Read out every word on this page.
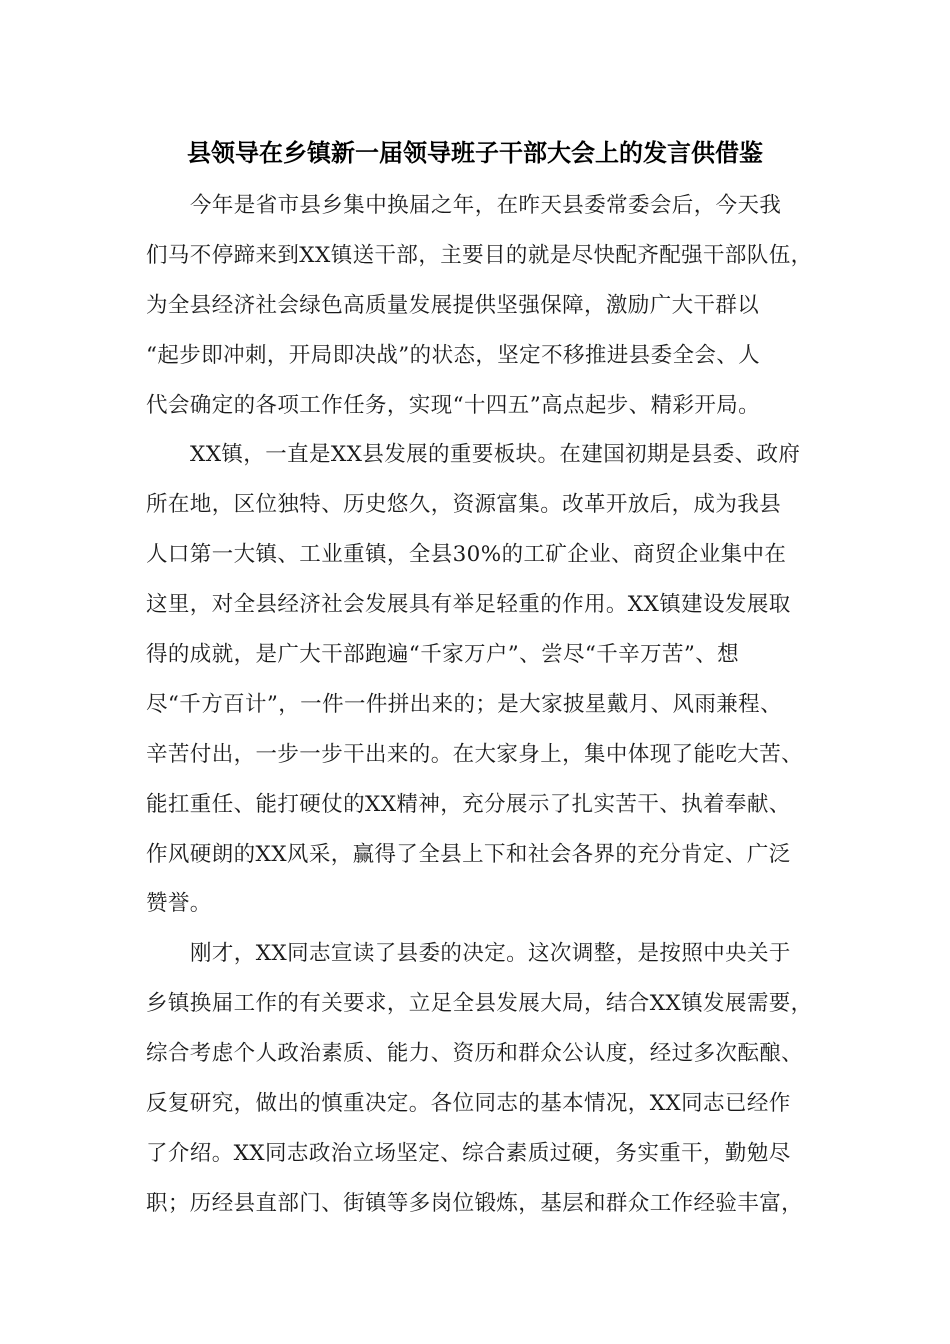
县领导在乡镇新一届领导班子干部大会上的发言供借鉴
今年是省市县乡集中换届之年，在昨天县委常委会后，今天我
们马不停蹄来到XX镇送干部，主要目的就是尽快配齐配强干部队伍，
为全县经济社会绿色高质量发展提供坚强保障，激励广大干群以
“起步即冲刺，开局即决战”的状态，坚定不移推进县委全会、人
代会确定的各项工作任务，实现“十四五”高点起步、精彩开局。
XX镇，一直是XX县发展的重要板块。在建国初期是县委、政府
所在地，区位独特、历史悠久，资源富集。改革开放后，成为我县
人口第一大镇、工业重镇，全县30%的工矿企业、商贸企业集中在
这里，对全县经济社会发展具有举足轻重的作用。XX镇建设发展取
得的成就，是广大干部跑遍“千家万户”、尝尽“千辛万苦”、想
尽“千方百计”，一件一件拼出来的；是大家披星戴月、风雨兼程、
辛苦付出，一步一步干出来的。在大家身上，集中体现了能吃大苦、
能扛重任、能打硬仗的XX精神，充分展示了扎实苦干、执着奉献、
作风硬朗的XX风采，赢得了全县上下和社会各界的充分肯定、广泛
赞誉。
刚才，XX同志宣读了县委的决定。这次调整，是按照中央关于
乡镇换届工作的有关要求，立足全县发展大局，结合XX镇发展需要，
综合考虑个人政治素质、能力、资历和群众公认度，经过多次酝酿、
反复研究，做出的慎重决定。各位同志的基本情况，XX同志已经作
了介绍。XX同志政治立场坚定、综合素质过硬，务实重干，勤勉尽
职；历经县直部门、街镇等多岗位锻炼，基层和群众工作经验丰富，
